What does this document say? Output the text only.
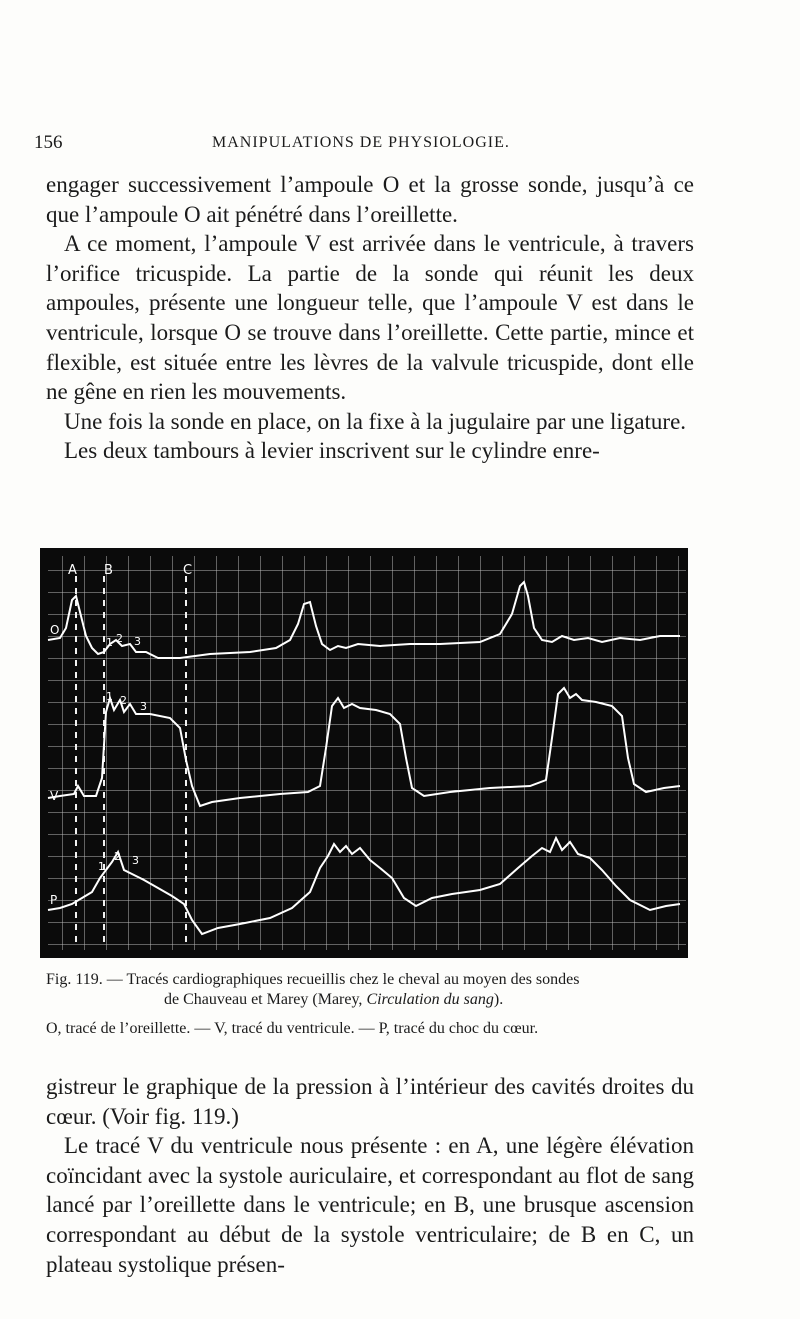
156	MANIPULATIONS DE PHYSIOLOGIE.

engager successivement l’ampoule O et la grosse sonde, jusqu’à ce que l’ampoule O ait pénétré dans l’oreillette.

A ce moment, l’ampoule V est arrivée dans le ventricule, à travers l’orifice tricuspide. La partie de la sonde qui réunit les deux ampoules, présente une longueur telle, que l’ampoule V est dans le ventricule, lorsque O se trouve dans l’oreillette. Cette partie, mince et flexible, est située entre les lèvres de la valvule tricuspide, dont elle ne gêne en rien les mouvements.

Une fois la sonde en place, on la fixe à la jugulaire par une ligature.

Les deux tambours à levier inscrivent sur le cylindre enre-

A B	C
O
V
P
1 2 3
1 2 3
1
2 3
Fig. 119. — Tracés cardiographiques recueillis chez le cheval au moyen des sondes
de Chauveau et Marey (Marey, Circulation du sang).
O, tracé de l’oreillette. — V, tracé du ventricule. — P, tracé du choc du cœur.

gistreur le graphique de la pression à l’intérieur des cavités droites du cœur. (Voir fig. 119.)

Le tracé V du ventricule nous présente : en A, une légère élévation coïncidant avec la systole auriculaire, et correspondant au flot de sang lancé par l’oreillette dans le ventricule; en B, une brusque ascension correspondant au début de la systole ventriculaire; de B en C, un plateau systolique présen-
